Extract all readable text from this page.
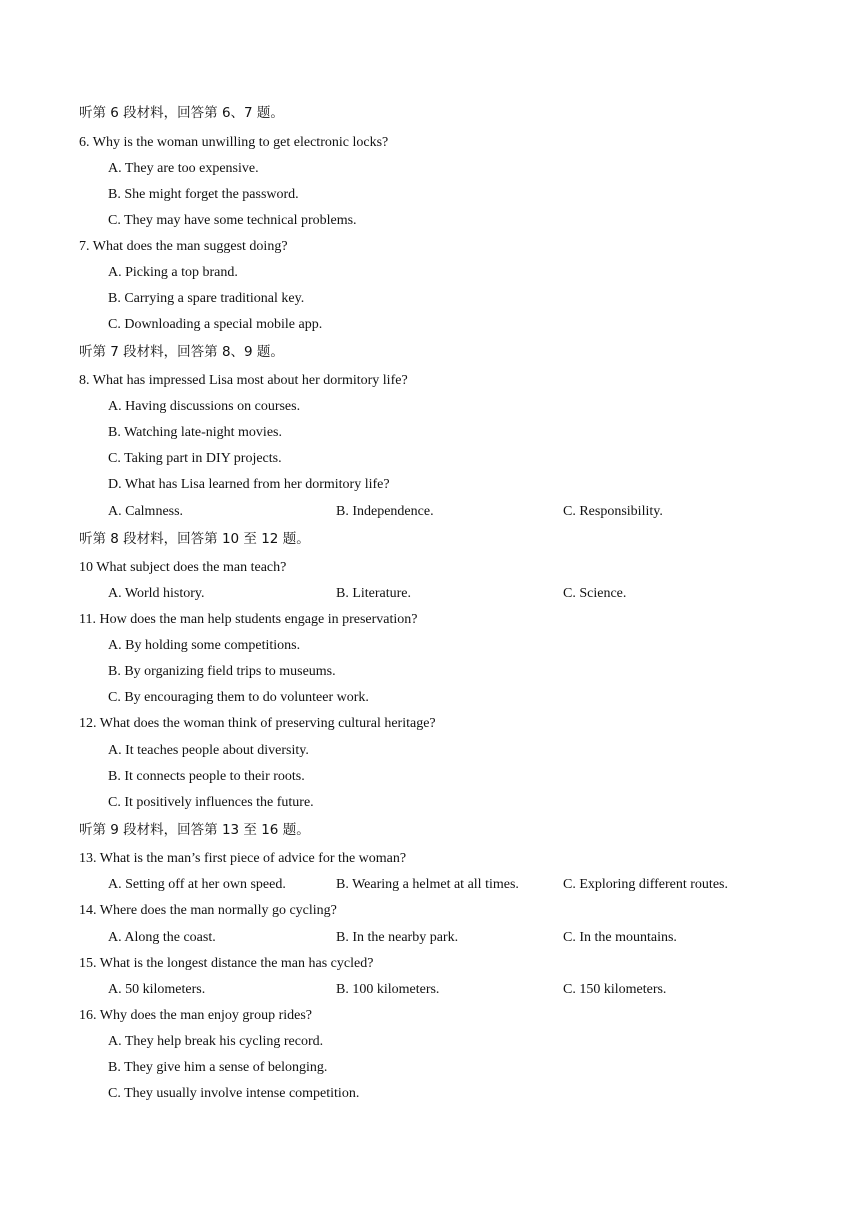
听第 6 段材料，回答第 6、7 题。
6. Why is the woman unwilling to get electronic locks?
A. They are too expensive.
B. She might forget the password.
C. They may have some technical problems.
7. What does the man suggest doing?
A. Picking a top brand.
B. Carrying a spare traditional key.
C. Downloading a special mobile app.
听第 7 段材料，回答第 8、9 题。
8. What has impressed Lisa most about her dormitory life?
A. Having discussions on courses.
B. Watching late-night movies.
C. Taking part in DIY projects.
D. What has Lisa learned from her dormitory life?
A. Calmness.	B. Independence.	C. Responsibility.
听第 8 段材料，回答第 10 至 12 题。
10 What subject does the man teach?
A. World history.	B. Literature.	C. Science.
11. How does the man help students engage in preservation?
A. By holding some competitions.
B. By organizing field trips to museums.
C. By encouraging them to do volunteer work.
12. What does the woman think of preserving cultural heritage?
A. It teaches people about diversity.
B. It connects people to their roots.
C. It positively influences the future.
听第 9 段材料，回答第 13 至 16 题。
13. What is the man’s first piece of advice for the woman?
A. Setting off at her own speed.	B. Wearing a helmet at all times.	C. Exploring different routes.
14. Where does the man normally go cycling?
A. Along the coast.	B. In the nearby park.	C. In the mountains.
15. What is the longest distance the man has cycled?
A. 50 kilometers.	B. 100 kilometers.	C. 150 kilometers.
16. Why does the man enjoy group rides?
A. They help break his cycling record.
B. They give him a sense of belonging.
C. They usually involve intense competition.
